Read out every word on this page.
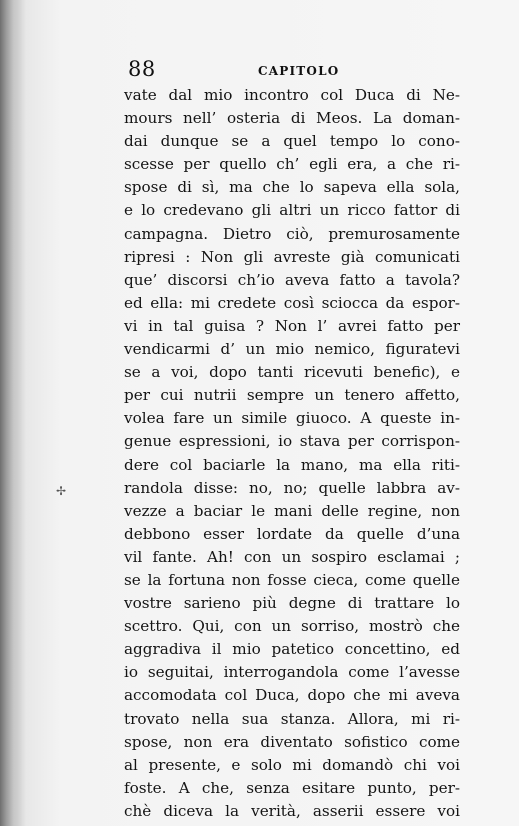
88	CAPITOLO
vate dal mio incontro col Duca di Ne-
mours nell’ osteria di Meos. La doman-
dai dunque se a quel tempo lo cono-
scesse per quello ch’ egli era, a che ri-
spose di sì, ma che lo sapeva ella sola,
e lo credevano gli altri un ricco fattor di
campagna. Dietro ciò, premurosamente
ripresi : Non gli avreste già comunicati
que’ discorsi ch’io aveva fatto a tavola?
ed ella: mi credete così sciocca da espor-
vi in tal guisa ? Non l’ avrei fatto per
vendicarmi d’ un mio nemico, figuratevi
se a voi, dopo tanti ricevuti benefic), e
per cui nutrii sempre un tenero affetto,
volea fare un simile giuoco. A queste in-
genue espressioni, io stava per corrispon-
dere col baciarle la mano, ma ella riti-
randola disse: no, no; quelle labbra av-
vezze a baciar le mani delle regine, non
debbono esser lordate da quelle d’una
vil fante. Ah! con un sospiro esclamai ;
se la fortuna non fosse cieca, come quelle
vostre sarieno più degne di trattare lo
scettro. Qui, con un sorriso, mostrò che
aggradiva il mio patetico concettino, ed
io seguitai, interrogandola come l’avesse
accomodata col Duca, dopo che mi aveva
trovato nella sua stanza. Allora, mi ri-
spose, non era diventato sofistico come
al presente, e solo mi domandò chi voi
foste. A che, senza esitare punto, per-
chè diceva la verità, asserii essere voi
✢
